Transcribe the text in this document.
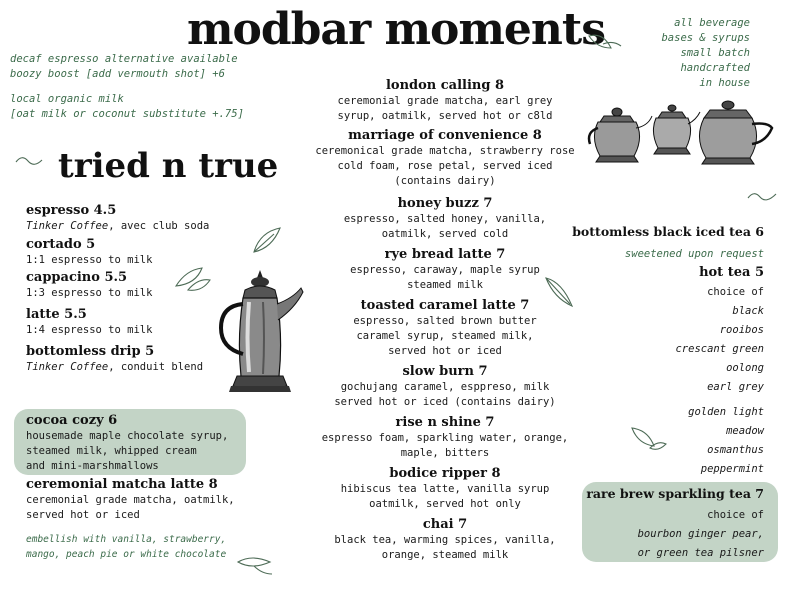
modbar moments
decaf espresso alternative available
boozy boost [add vermouth shot] +6
local organic milk
[oat milk or coconut substitute +.75]
all beverage
bases & syrups
small batch
handcrafted
in house
tried n true
espresso 4.5
Tinker Coffee, avec club soda
cortado 5
1:1 espresso to milk
cappacino 5.5
1:3 espresso to milk
latte 5.5
1:4 espresso to milk
bottomless drip 5
Tinker Coffee, conduit blend
cocoa cozy 6
housemade maple chocolate syrup,
steamed milk, whipped cream
and mini-marshmallows
ceremonial matcha latte 8
ceremonial grade matcha, oatmilk,
served hot or iced
embellish with vanilla, strawberry,
mango, peach pie or white chocolate
london calling 8
ceremonial grade matcha, earl grey
syrup, oatmilk, served hot or c8ld
marriage of convenience 8
ceremonical grade matcha, strawberry rose
cold foam, rose petal, served iced
(contains dairy)
honey buzz 7
espresso, salted honey, vanilla,
oatmilk, served cold
rye bread latte 7
espresso, caraway, maple syrup
steamed milk
toasted caramel latte 7
espresso, salted brown butter
caramel syrup, steamed milk,
served hot or iced
slow burn 7
gochujang caramel, esppreso, milk
served hot or iced (contains dairy)
rise n shine 7
espresso foam, sparkling water, orange,
maple, bitters
bodice ripper 8
hibiscus tea latte, vanilla syrup
oatmilk, served hot only
chai 7
black tea, warming spices, vanilla,
orange, steamed milk
bottomless black iced tea 6
sweetened upon request
hot tea 5
choice of
black
rooibos
crescant green
oolong
earl grey
golden light
meadow
osmanthus
peppermint
rare brew sparkling tea 7
choice of
bourbon ginger pear,
or green tea pilsner
